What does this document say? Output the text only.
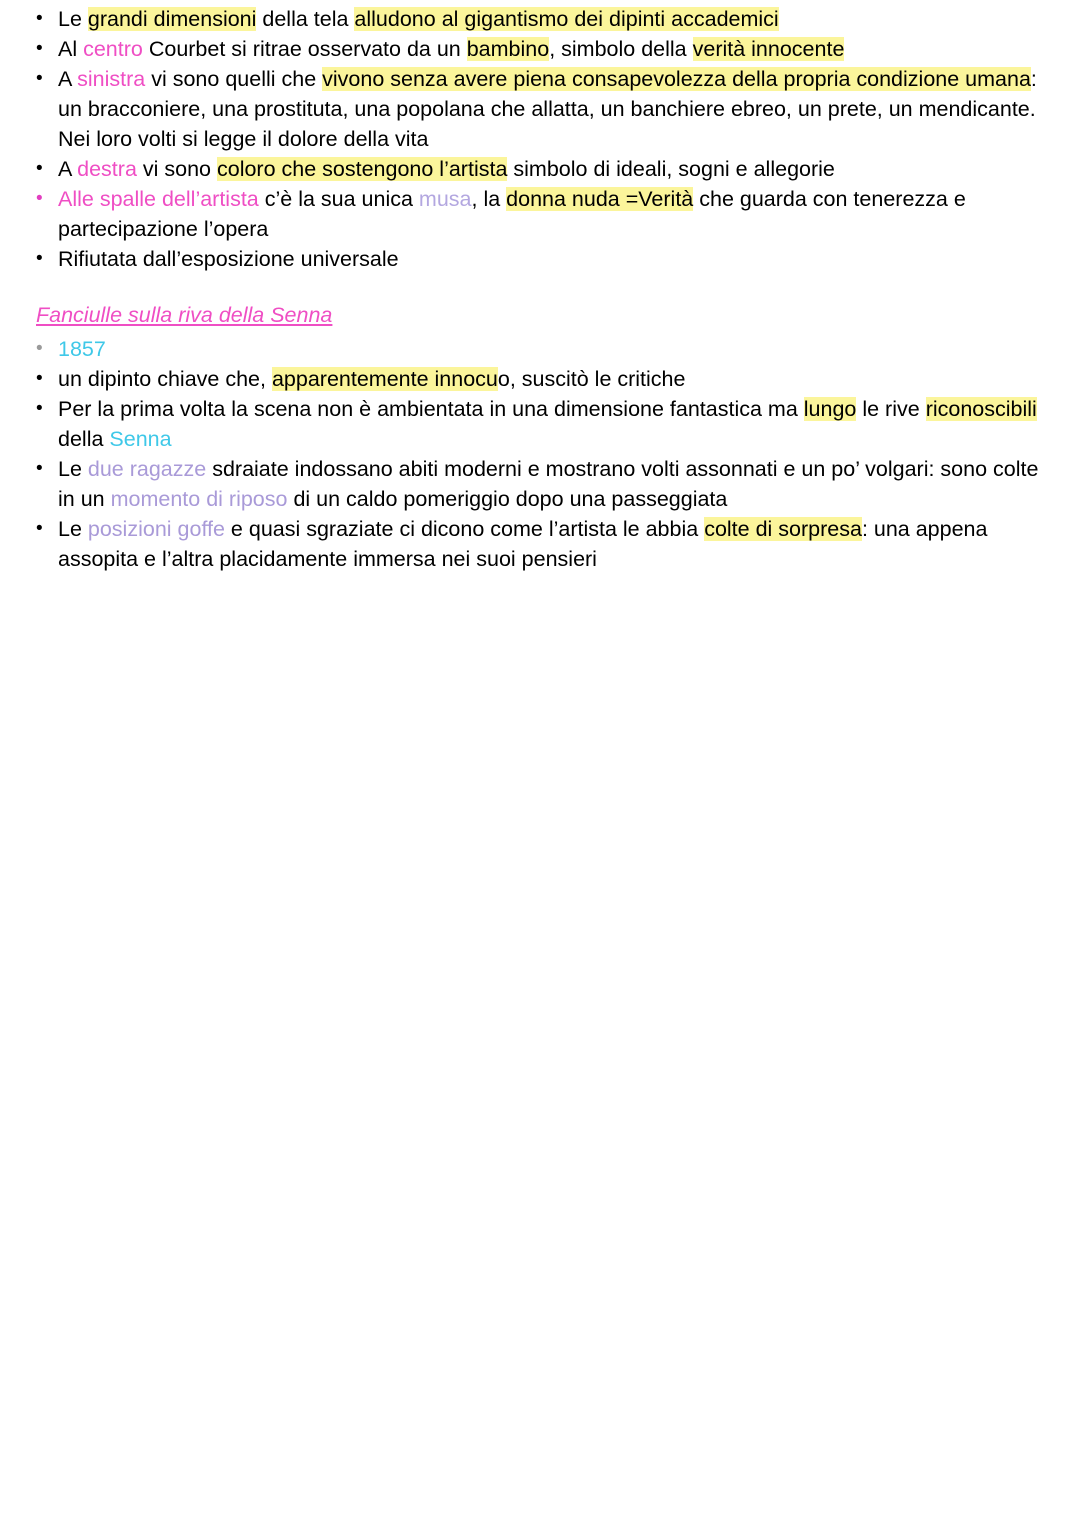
• Le grandi dimensioni della tela alludono al gigantismo dei dipinti accademici
• Al centro Courbet si ritrae osservato da un bambino, simbolo della verità innocente
• A sinistra vi sono quelli che vivono senza avere piena consapevolezza della propria condizione umana: un bracconiere, una prostituta, una popolana che allatta, un banchiere ebreo, un prete, un mendicante. Nei loro volti si legge il dolore della vita
• A destra vi sono coloro che sostengono l’artista simbolo di ideali, sogni e allegorie
• Alle spalle dell’artista c’è la sua unica musa, la donna nuda =Verità che guarda con tenerezza e partecipazione l’opera
• Rifiutata dall’esposizione universale
Fanciulle sulla riva della Senna
• 1857
• un dipinto chiave che, apparentemente innocuo, suscitò le critiche
• Per la prima volta la scena non è ambientata in una dimensione fantastica ma lungo le rive riconoscibili della Senna
• Le due ragazze sdraiate indossano abiti moderni e mostrano volti assonnati e un po’ volgari: sono colte in un momento di riposo di un caldo pomeriggio dopo una passeggiata
• Le posizioni goffe e quasi sgraziate ci dicono come l’artista le abbia colte di sorpresa: una appena assopita e l’altra placidamente immersa nei suoi pensieri
